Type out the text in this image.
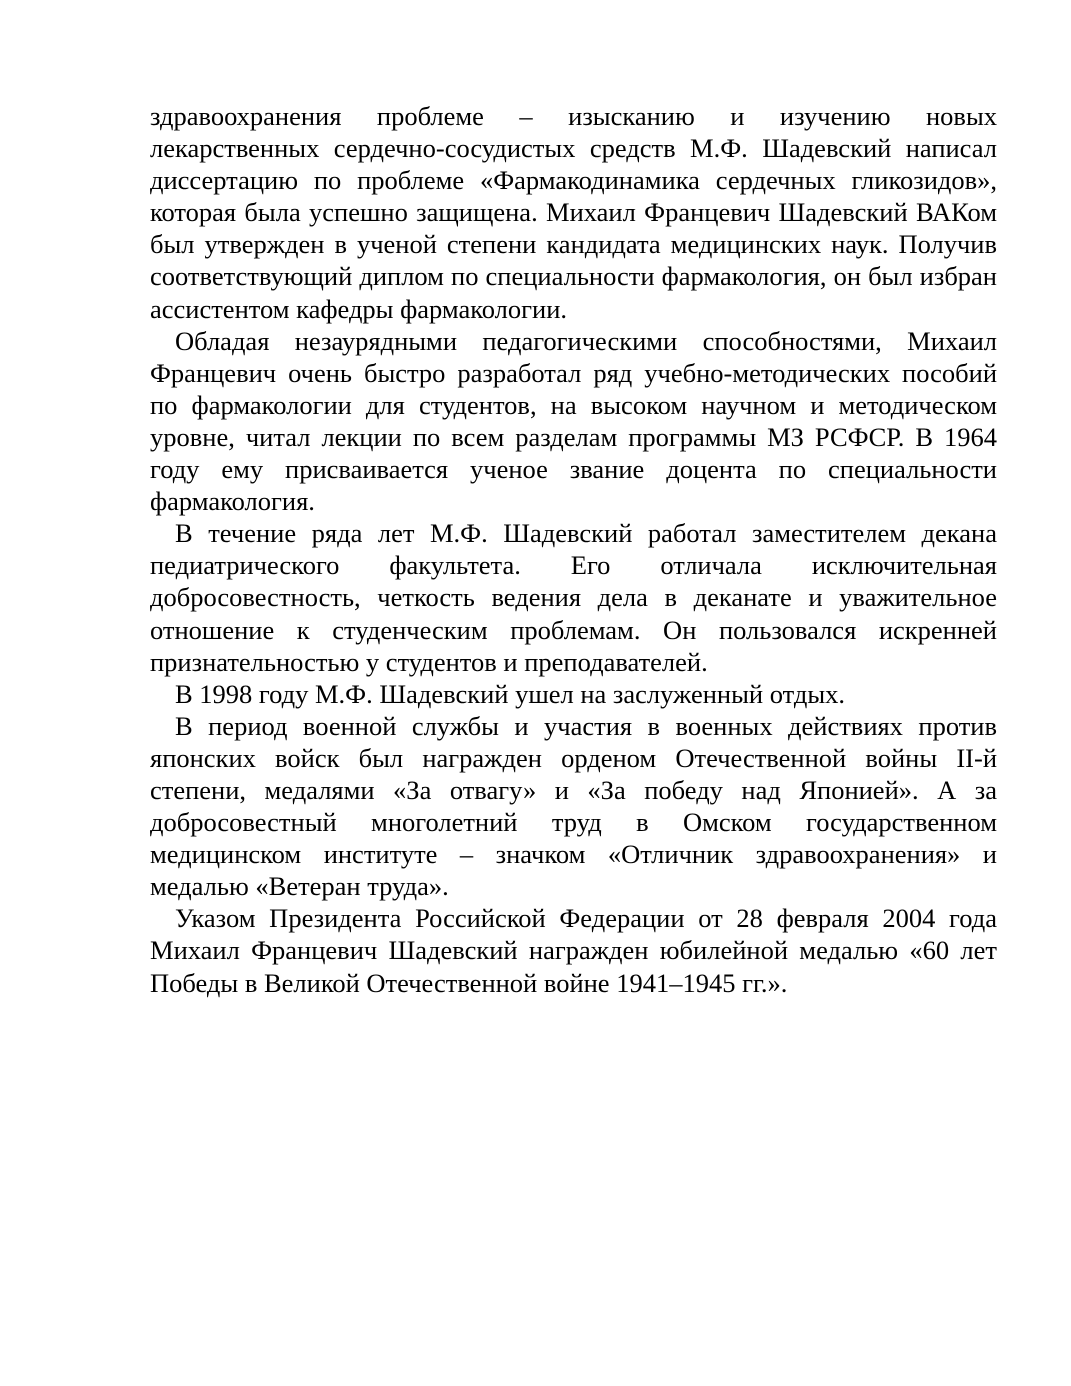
здравоохранения проблеме – изысканию и изучению новых лекарственных сердечно-сосудистых средств М.Ф. Шадевский написал диссертацию по проблеме «Фармакодинамика сердечных гликозидов», которая была успешно защищена. Михаил Францевич Шадевский ВАКом был утвержден в ученой степени кандидата медицинских наук. Получив соответствующий диплом по специальности фармакология, он был избран ассистентом кафедры фармакологии.

Обладая незаурядными педагогическими способностями, Михаил Францевич очень быстро разработал ряд учебно-методических пособий по фармакологии для студентов, на высоком научном и методическом уровне, читал лекции по всем разделам программы МЗ РСФСР. В 1964 году ему присваивается ученое звание доцента по специальности фармакология.

В течение ряда лет М.Ф. Шадевский работал заместителем декана педиатрического факультета. Его отличала исключительная добросовестность, четкость ведения дела в деканате и уважительное отношение к студенческим проблемам. Он пользовался искренней признательностью у студентов и преподавателей.

В 1998 году М.Ф. Шадевский ушел на заслуженный отдых.

В период военной службы и участия в военных действиях против японских войск был награжден орденом Отечественной войны II-й степени, медалями «За отвагу» и «За победу над Японией». А за добросовестный многолетний труд в Омском государственном медицинском институте – значком «Отличник здравоохранения» и медалью «Ветеран труда».

Указом Президента Российской Федерации от 28 февраля 2004 года Михаил Францевич Шадевский награжден юбилейной медалью «60 лет Победы в Великой Отечественной войне 1941–1945 гг.».
